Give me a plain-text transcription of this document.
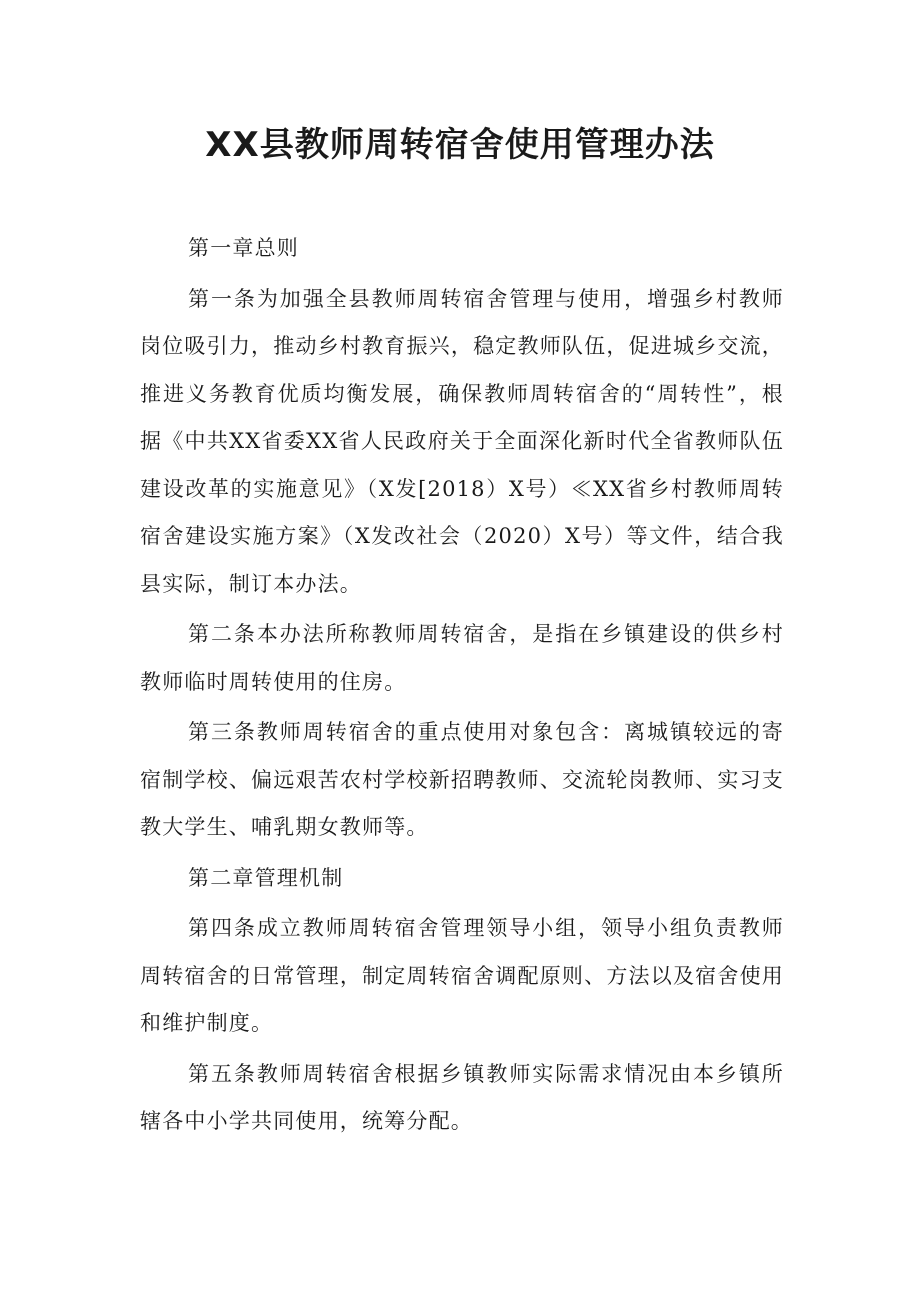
XX县教师周转宿舍使用管理办法

第一章总则

第一条为加强全县教师周转宿舍管理与使用，增强乡村教师岗位吸引力，推动乡村教育振兴，稳定教师队伍，促进城乡交流，推进义务教育优质均衡发展，确保教师周转宿舍的“周转性”，根据《中共XX省委XX省人民政府关于全面深化新时代全省教师队伍建设改革的实施意见》（X发[2018）X号）≪XX省乡村教师周转宿舍建设实施方案》（X发改社会（2020）X号）等文件，结合我县实际，制订本办法。

第二条本办法所称教师周转宿舍，是指在乡镇建设的供乡村教师临时周转使用的住房。

第三条教师周转宿舍的重点使用对象包含：离城镇较远的寄宿制学校、偏远艰苦农村学校新招聘教师、交流轮岗教师、实习支教大学生、哺乳期女教师等。

第二章管理机制

第四条成立教师周转宿舍管理领导小组，领导小组负责教师周转宿舍的日常管理，制定周转宿舍调配原则、方法以及宿舍使用和维护制度。

第五条教师周转宿舍根据乡镇教师实际需求情况由本乡镇所辖各中小学共同使用，统筹分配。
